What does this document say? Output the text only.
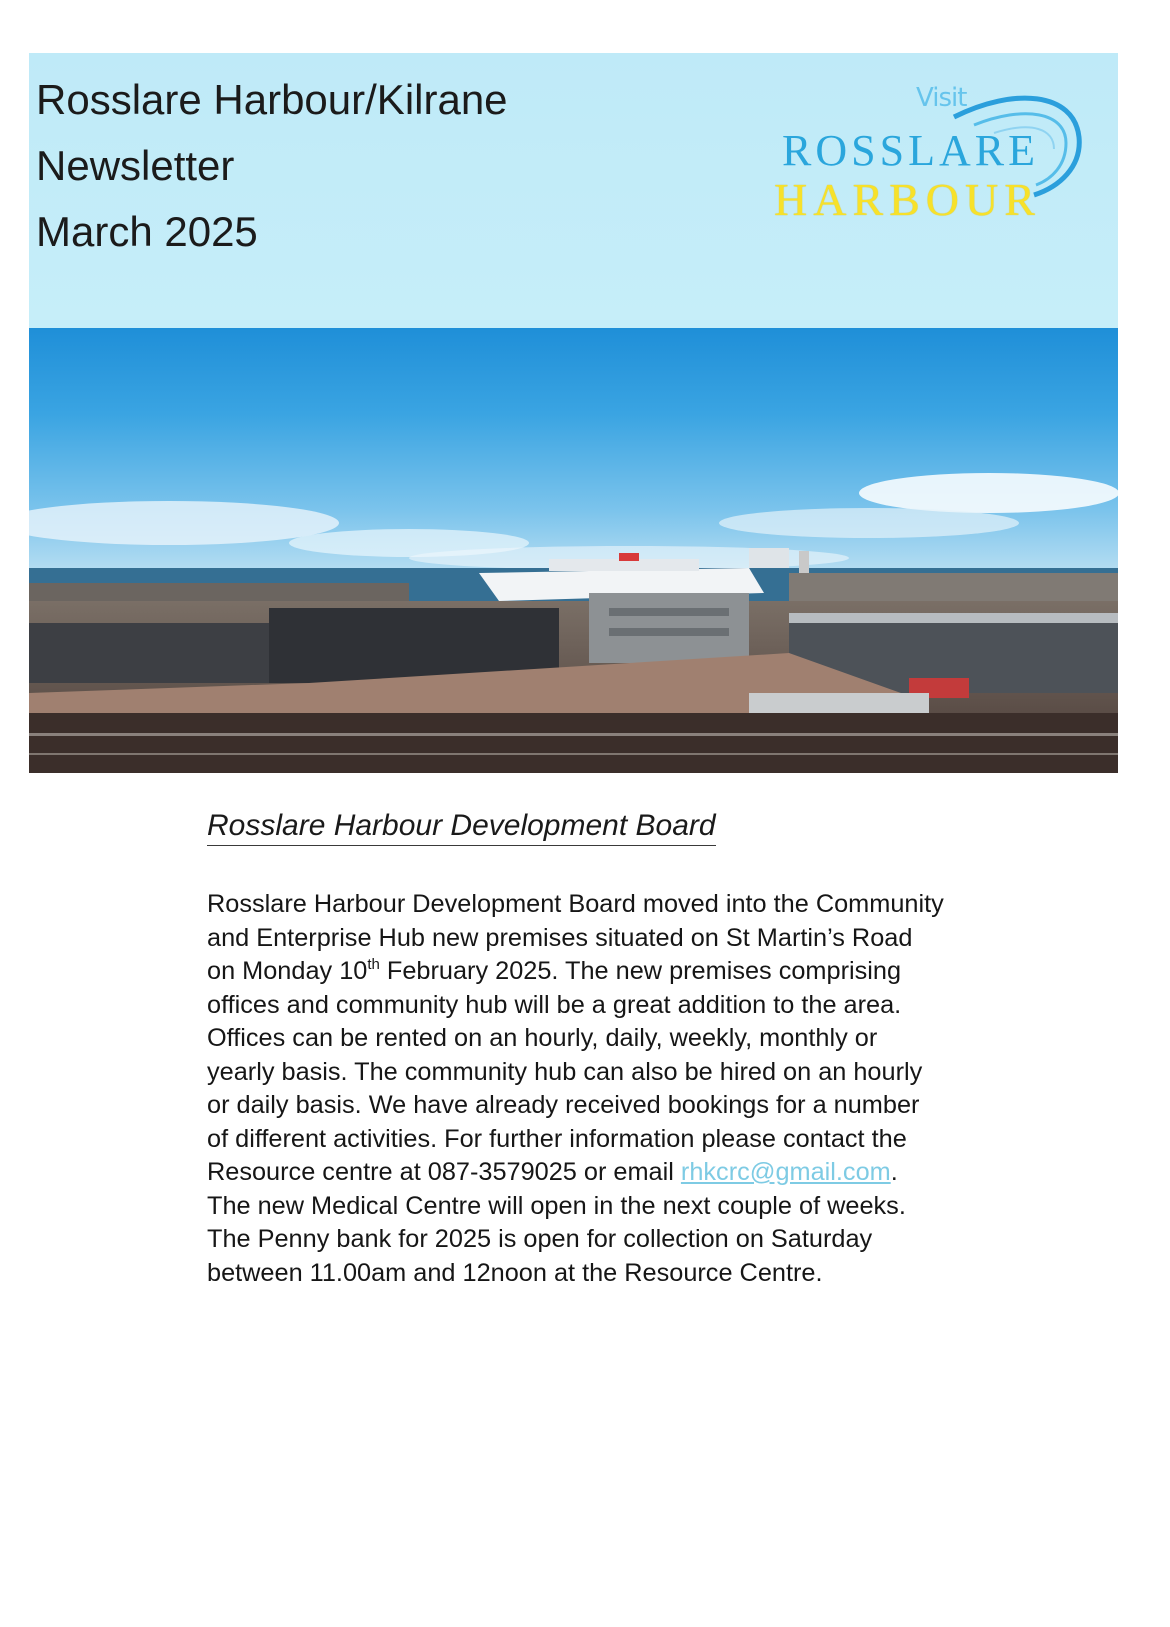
Rosslare Harbour/Kilrane
Newsletter
March 2025
Visit
ROSSLARE
HARBOUR
Rosslare Harbour Development Board

Rosslare Harbour Development Board moved into the Community and Enterprise Hub new premises situated on St Martin’s Road on Monday 10th February 2025. The new premises comprising offices and community hub will be a great addition to the area. Offices can be rented on an hourly, daily, weekly, monthly or yearly basis. The community hub can also be hired on an hourly or daily basis. We have already received bookings for a number of different activities. For further information please contact the Resource centre at 087-3579025 or email rhkcrc@gmail.com.

The new Medical Centre will open in the next couple of weeks.

The Penny bank for 2025 is open for collection on Saturday between 11.00am and 12noon at the Resource Centre.
